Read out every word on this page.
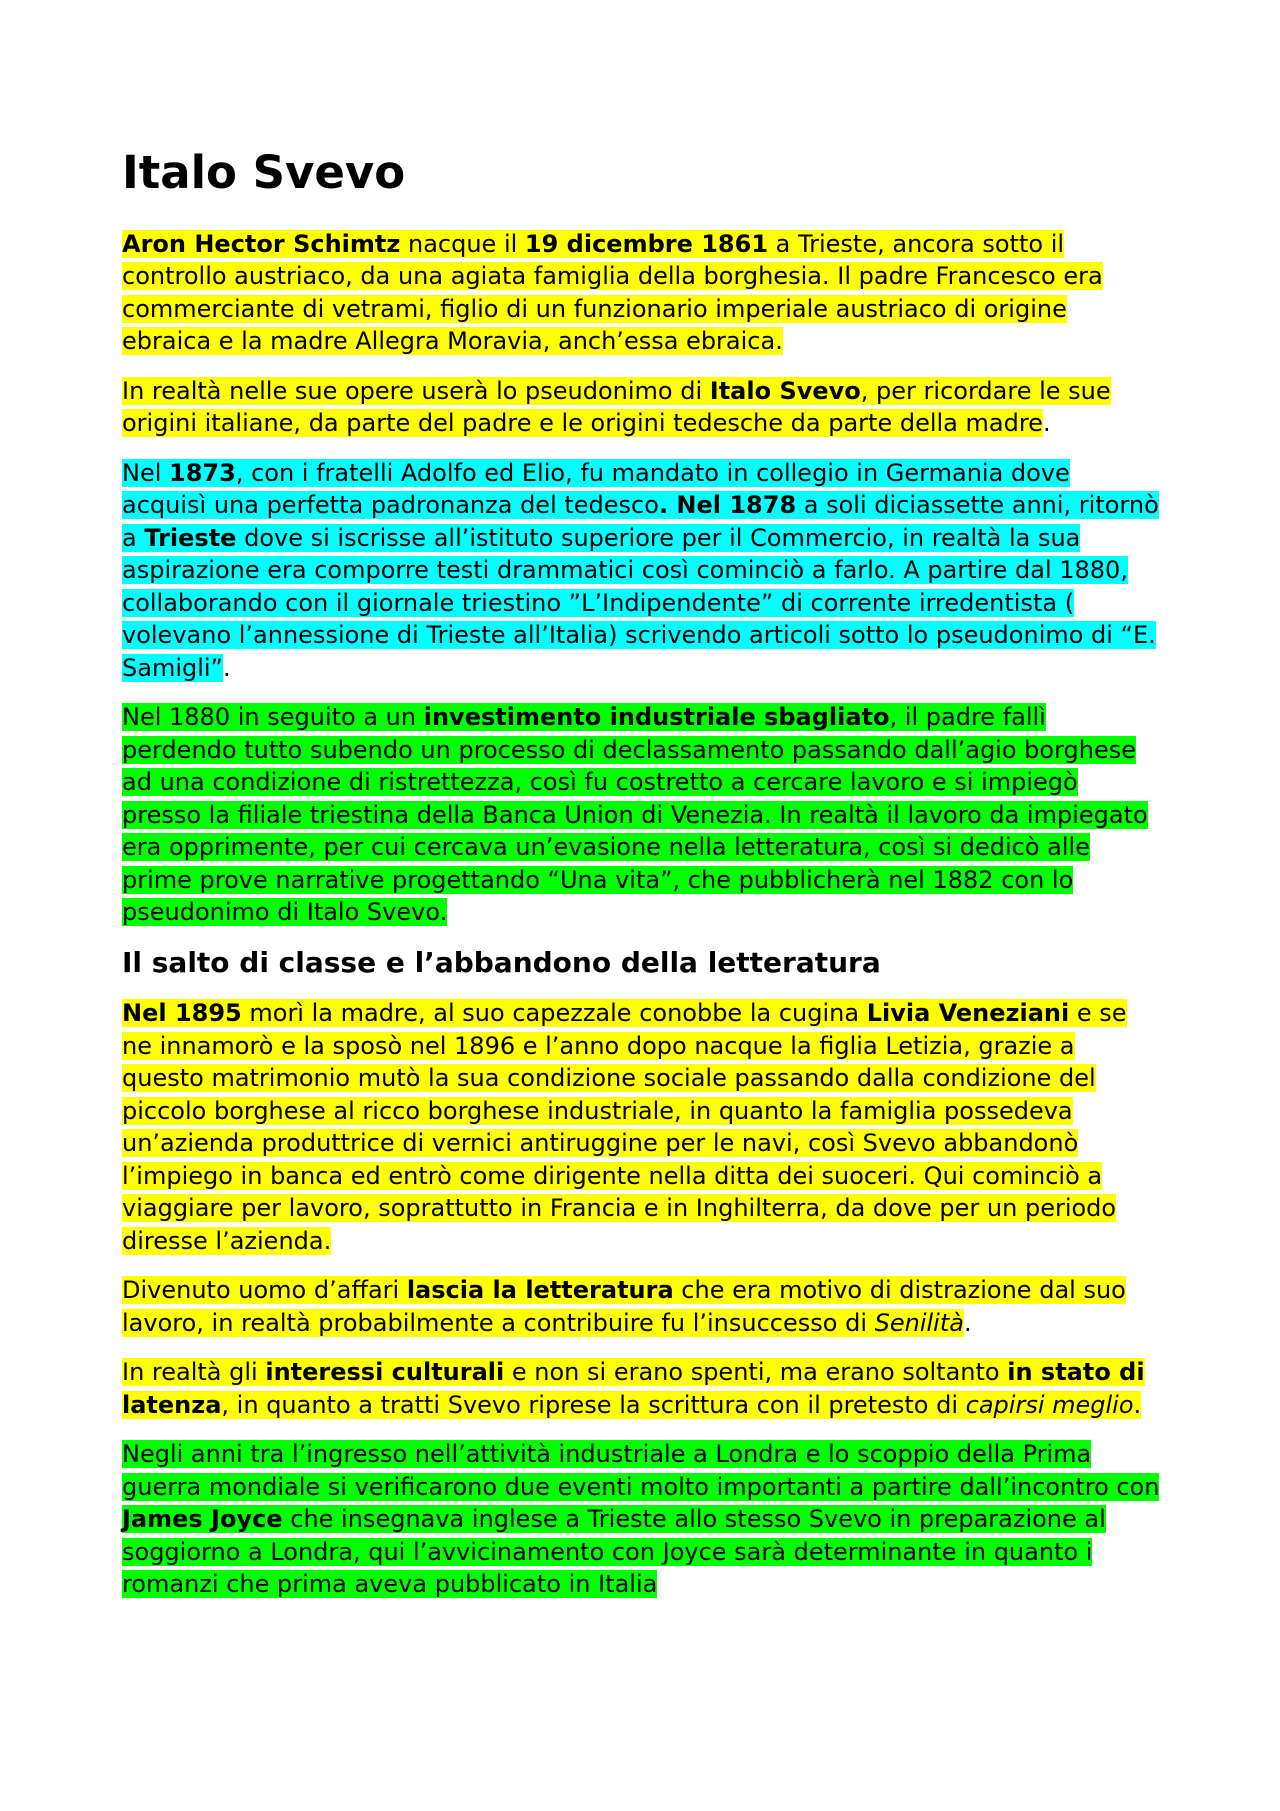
Italo Svevo

Aron Hector Schimtz nacque il 19 dicembre 1861 a Trieste, ancora sotto il controllo austriaco, da una agiata famiglia della borghesia. Il padre Francesco era commerciante di vetrami, figlio di un funzionario imperiale austriaco di origine ebraica e la madre Allegra Moravia, anch’essa ebraica.

In realtà nelle sue opere userà lo pseudonimo di Italo Svevo, per ricordare le sue origini italiane, da parte del padre e le origini tedesche da parte della madre.

Nel 1873, con i fratelli Adolfo ed Elio, fu mandato in collegio in Germania dove acquisì una perfetta padronanza del tedesco. Nel 1878 a soli diciassette anni, ritornò a Trieste dove si iscrisse all’istituto superiore per il Commercio, in realtà la sua aspirazione era comporre testi drammatici così cominciò a farlo. A partire dal 1880, collaborando con il giornale triestino ”L’Indipendente” di corrente irredentista ( volevano l’annessione di Trieste all’Italia) scrivendo articoli sotto lo pseudonimo di “E. Samigli”.

Nel 1880 in seguito a un investimento industriale sbagliato, il padre fallì perdendo tutto subendo un processo di declassamento passando dall’agio borghese ad una condizione di ristrettezza, così fu costretto a cercare lavoro e si impiegò presso la filiale triestina della Banca Union di Venezia. In realtà il lavoro da impiegato era opprimente, per cui cercava un’evasione nella letteratura, così si dedicò alle prime prove narrative progettando “Una vita”, che pubblicherà nel 1882 con lo pseudonimo di Italo Svevo.

Il salto di classe e l’abbandono della letteratura

Nel 1895 morì la madre, al suo capezzale conobbe la cugina Livia Veneziani e se ne innamorò e la sposò nel 1896 e l’anno dopo nacque la figlia Letizia, grazie a questo matrimonio mutò la sua condizione sociale passando dalla condizione del piccolo borghese al ricco borghese industriale, in quanto la famiglia possedeva un’azienda produttrice di vernici antiruggine per le navi, così Svevo abbandonò l’impiego in banca ed entrò come dirigente nella ditta dei suoceri. Qui cominciò a viaggiare per lavoro, soprattutto in Francia e in Inghilterra, da dove per un periodo diresse l’azienda.

Divenuto uomo d’affari lascia la letteratura che era motivo di distrazione dal suo lavoro, in realtà probabilmente a contribuire fu l’insuccesso di Senilità.

In realtà gli interessi culturali e non si erano spenti, ma erano soltanto in stato di latenza, in quanto a tratti Svevo riprese la scrittura con il pretesto di capirsi meglio.

Negli anni tra l’ingresso nell’attività industriale a Londra e lo scoppio della Prima guerra mondiale si verificarono due eventi molto importanti a partire dall’incontro con James Joyce che insegnava inglese a Trieste allo stesso Svevo in preparazione al soggiorno a Londra, qui l’avvicinamento con Joyce sarà determinante in quanto i romanzi che prima aveva pubblicato in Italia
